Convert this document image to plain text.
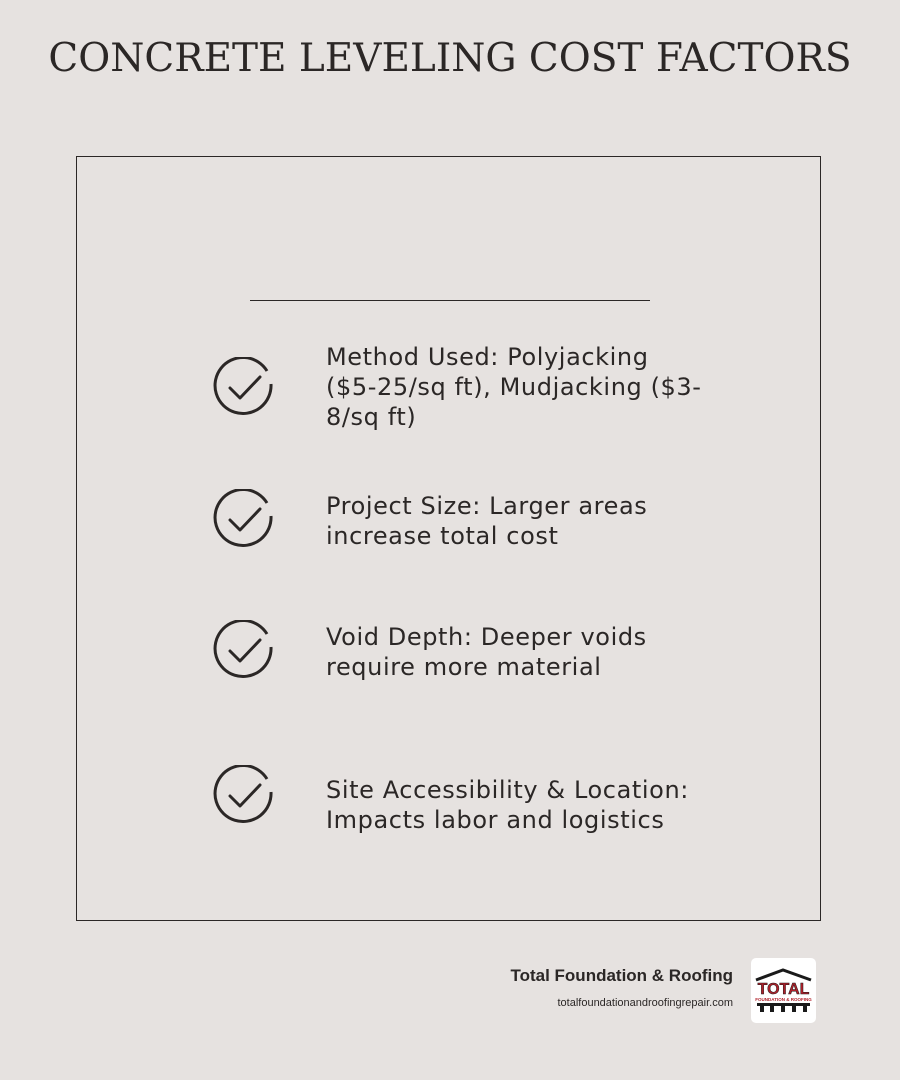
CONCRETE LEVELING COST FACTORS
Method Used: Polyjacking ($5-25/sq ft), Mudjacking ($3-8/sq ft)
Project Size: Larger areas increase total cost
Void Depth: Deeper voids require more material
Site Accessibility & Location: Impacts labor and logistics
Total Foundation & Roofing
totalfoundationandroofingrepair.com
TOTAL
FOUNDATION & ROOFING
